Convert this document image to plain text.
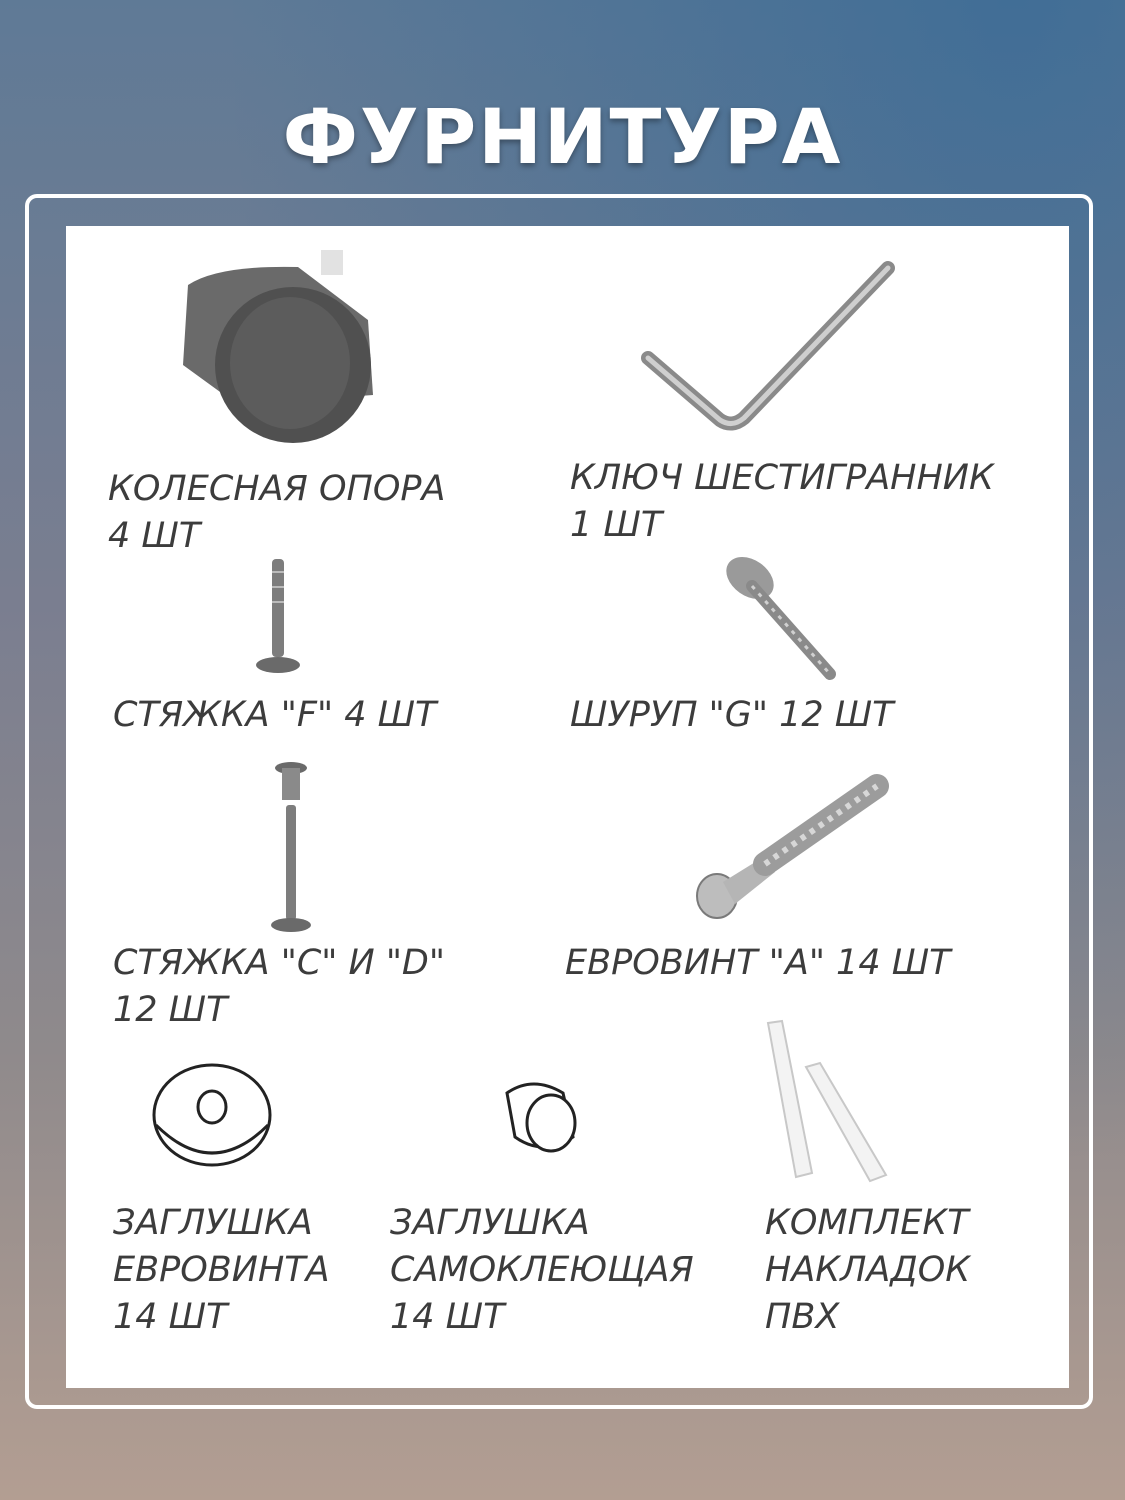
ФУРНИТУРА
КОЛЕСНАЯ ОПОРА
4 ШТ
КЛЮЧ ШЕСТИГРАННИК
1 ШТ
СТЯЖКА "F" 4 ШТ	ШУРУП "G" 12 ШТ
СТЯЖКА "C" И "D"
12 ШТ
ЕВРОВИНТ "A" 14 ШТ
ЗАГЛУШКА
ЕВРОВИНТА
14 ШТ
ЗАГЛУШКА
САМОКЛЕЮЩАЯ
14 ШТ
КОМПЛЕКТ
НАКЛАДОК
ПВХ
